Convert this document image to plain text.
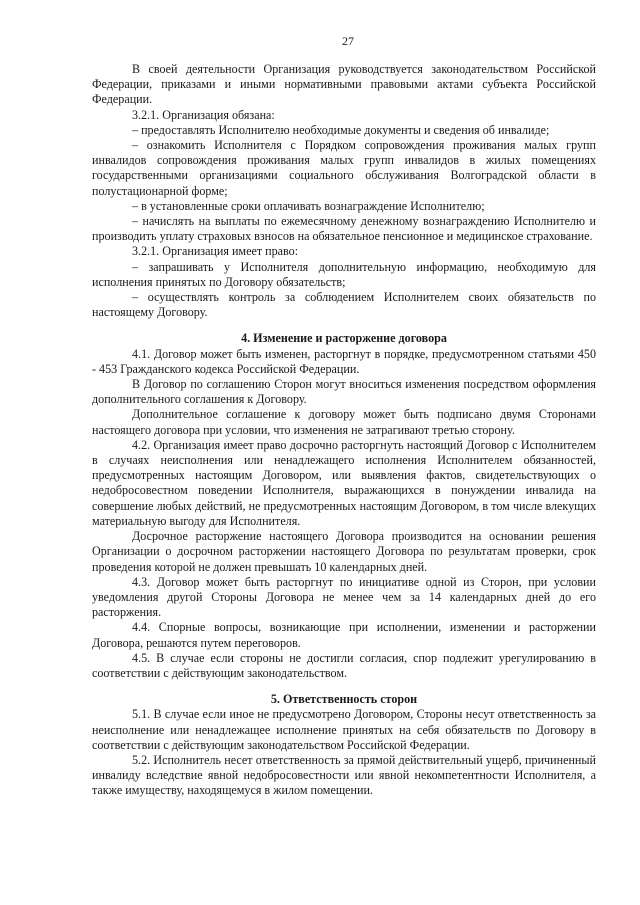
27

В своей деятельности Организация руководствуется законодательством Российской Федерации, приказами и иными нормативными правовыми актами субъекта Российской Федерации.

3.2.1. Организация обязана:

– предоставлять Исполнителю необходимые документы и сведения об инвалиде;

– ознакомить Исполнителя с Порядком сопровождения проживания малых групп инвалидов сопровождения проживания малых групп инвалидов в жилых помещениях государственными организациями социального обслуживания Волгоградской области в полустационарной форме;

– в установленные сроки оплачивать вознаграждение Исполнителю;

– начислять на выплаты по ежемесячному денежному вознаграждению Исполнителю и производить уплату страховых взносов на обязательное пенсионное и медицинское страхование.

3.2.1. Организация имеет право:

– запрашивать у Исполнителя дополнительную информацию, необходимую для исполнения принятых по Договору обязательств;

– осуществлять контроль за соблюдением Исполнителем своих обязательств по настоящему Договору.

4. Изменение и расторжение договора

4.1. Договор может быть изменен, расторгнут в порядке, предусмотренном статьями 450 - 453 Гражданского кодекса Российской Федерации.

В Договор по соглашению Сторон могут вноситься изменения посредством оформления дополнительного соглашения к Договору.

Дополнительное соглашение к договору может быть подписано двумя Сторонами настоящего договора при условии, что изменения не затрагивают третью сторону.

4.2. Организация имеет право досрочно расторгнуть настоящий Договор с Исполнителем в случаях неисполнения или ненадлежащего исполнения Исполнителем обязанностей, предусмотренных настоящим Договором, или выявления фактов, свидетельствующих о недобросовестном поведении Исполнителя, выражающихся в понуждении инвалида на совершение любых действий, не предусмотренных настоящим Договором, в том числе влекущих материальную выгоду для Исполнителя.

Досрочное расторжение настоящего Договора производится на основании решения Организации о досрочном расторжении настоящего Договора по результатам проверки, срок проведения которой не должен превышать 10 календарных дней.

4.3. Договор может быть расторгнут по инициативе одной из Сторон, при условии уведомления другой Стороны Договора не менее чем за 14 календарных дней до его расторжения.

4.4. Спорные вопросы, возникающие при исполнении, изменении и расторжении Договора, решаются путем переговоров.

4.5. В случае если стороны не достигли согласия, спор подлежит урегулированию в соответствии с действующим законодательством.

5. Ответственность сторон

5.1. В случае если иное не предусмотрено Договором, Стороны несут ответственность за неисполнение или ненадлежащее исполнение принятых на себя обязательств по Договору в соответствии с действующим законодательством Российской Федерации.

5.2. Исполнитель несет ответственность за прямой действительный ущерб, причиненный инвалиду вследствие явной недобросовестности или явной некомпетентности Исполнителя, а также имуществу, находящемуся в жилом помещении.
